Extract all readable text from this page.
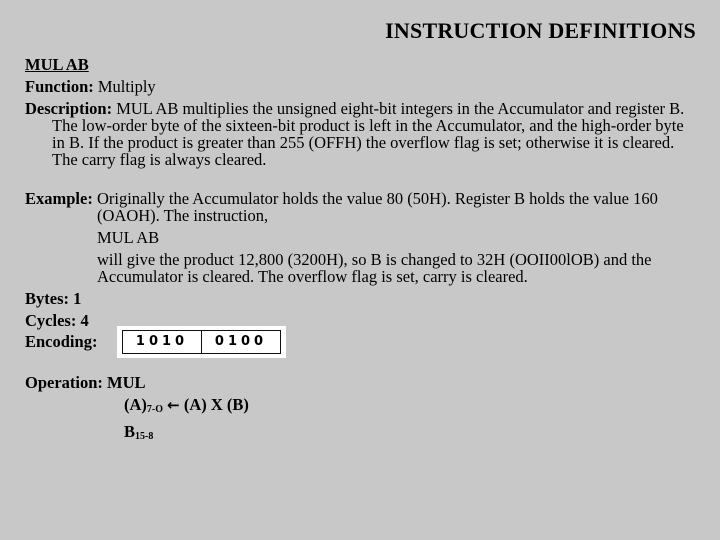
INSTRUCTION DEFINITIONS

MUL AB

Function: Multiply

Description: MUL AB multiplies the unsigned eight-bit integers in the Accumulator and register B. The low-order byte of the sixteen-bit product is left in the Accumulator, and the high-order byte in B. If the product is greater than 255 (OFFH) the overflow flag is set; otherwise it is cleared. The carry flag is always cleared.

Example: Originally the Accumulator holds the value 80 (50H). Register B holds the value 160 (OAOH). The instruction,

MUL AB

will give the product 12,800 (3200H), so B is changed to 32H (OOII00lOB) and the Accumulator is cleared. The overflow flag is set, carry is cleared.

Bytes: 1

Cycles: 4

Encoding:	1010	0100

Operation: MUL

$(A)_{7-O}$ ← (A) X (B)

$B_{15-8}$
